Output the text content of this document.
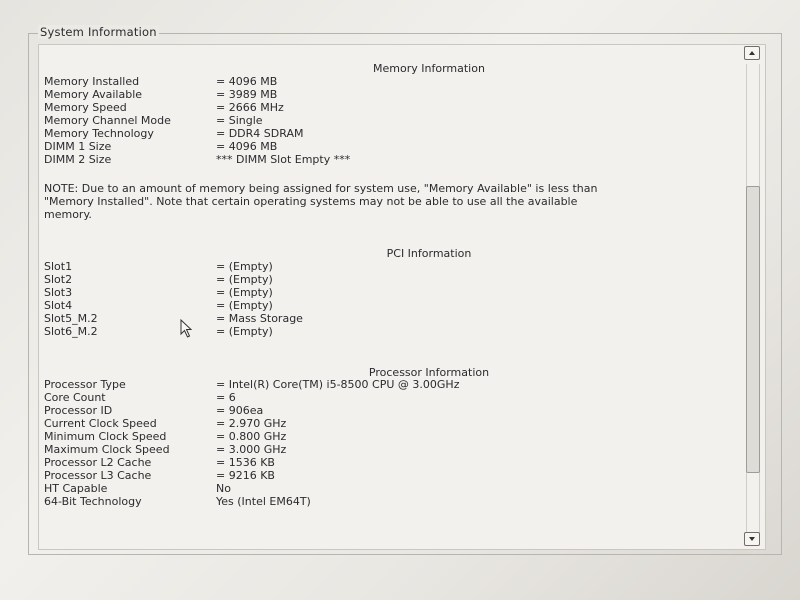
System Information
Memory Information
Memory Installed	= 4096 MB
Memory Available	= 3989 MB
Memory Speed	= 2666 MHz
Memory Channel Mode	= Single
Memory Technology	= DDR4 SDRAM
DIMM 1 Size	= 4096 MB
DIMM 2 Size	*** DIMM Slot Empty ***
NOTE: Due to an amount of memory being assigned for system use, "Memory Available" is less than "Memory Installed". Note that certain operating systems may not be able to use all the available memory.
PCI Information
Slot1	= (Empty)
Slot2	= (Empty)
Slot3	= (Empty)
Slot4	= (Empty)
Slot5_M.2	= Mass Storage
Slot6_M.2	= (Empty)
Processor Information
Processor Type	= Intel(R) Core(TM) i5-8500 CPU @ 3.00GHz
Core Count	= 6
Processor ID	= 906ea
Current Clock Speed	= 2.970 GHz
Minimum Clock Speed	= 0.800 GHz
Maximum Clock Speed	= 3.000 GHz
Processor L2 Cache	= 1536 KB
Processor L3 Cache	= 9216 KB
HT Capable	No
64-Bit Technology	Yes (Intel EM64T)
